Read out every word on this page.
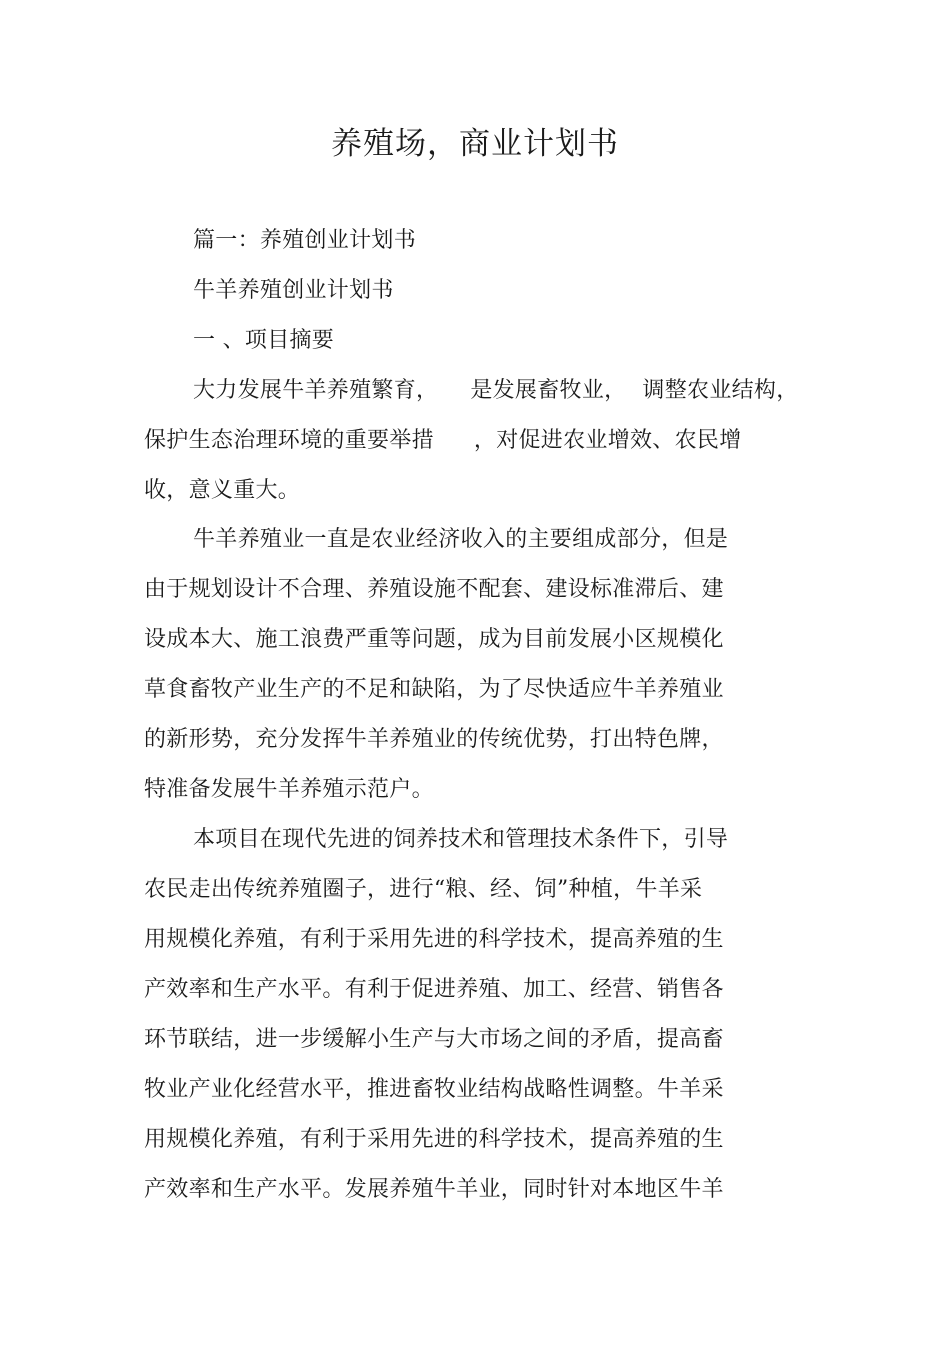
养殖场，商业计划书
篇一：养殖创业计划书
牛羊养殖创业计划书
一 、项目摘要
大力发展牛羊养殖繁育， 是发展畜牧业， 调整农业结构，
保护生态治理环境的重要举措 ，对促进农业增效、农民增
收，意义重大。
牛羊养殖业一直是农业经济收入的主要组成部分，但是
由于规划设计不合理、养殖设施不配套、建设标准滞后、建
设成本大、施工浪费严重等问题，成为目前发展小区规模化
草食畜牧产业生产的不足和缺陷，为了尽快适应牛羊养殖业
的新形势，充分发挥牛羊养殖业的传统优势，打出特色牌，
特准备发展牛羊养殖示范户。
本项目在现代先进的饲养技术和管理技术条件下，引导
农民走出传统养殖圈子，进行“粮、经、饲”种植，牛羊采
用规模化养殖，有利于采用先进的科学技术，提高养殖的生
产效率和生产水平。有利于促进养殖、加工、经营、销售各
环节联结，进一步缓解小生产与大市场之间的矛盾，提高畜
牧业产业化经营水平，推进畜牧业结构战略性调整。牛羊采
用规模化养殖，有利于采用先进的科学技术，提高养殖的生
产效率和生产水平。发展养殖牛羊业，同时针对本地区牛羊
